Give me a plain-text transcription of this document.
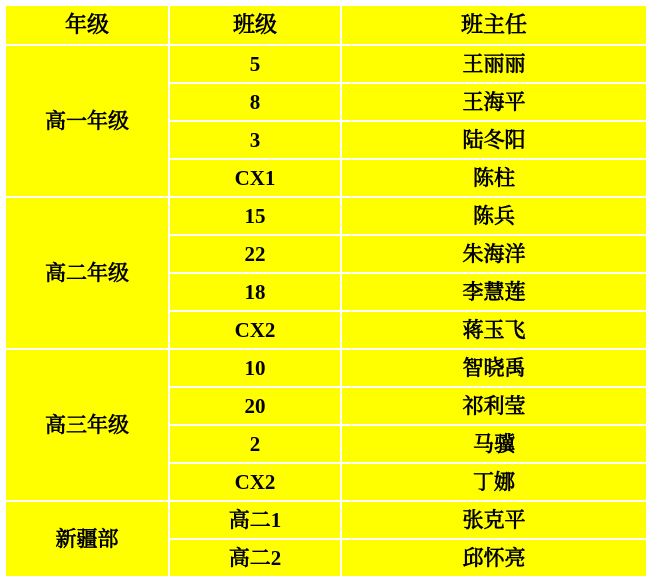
年级	班级	班主任
高一年级	5	王丽丽
	8	王海平
	3	陆冬阳
	CX1	陈柱
高二年级	15	陈兵
	22	朱海洋
	18	李慧莲
	CX2	蒋玉飞
高三年级	10	智晓禹
	20	祁利莹
	2	马骥
	CX2	丁娜
新疆部	高二1	张克平
	高二2	邱怀亮
